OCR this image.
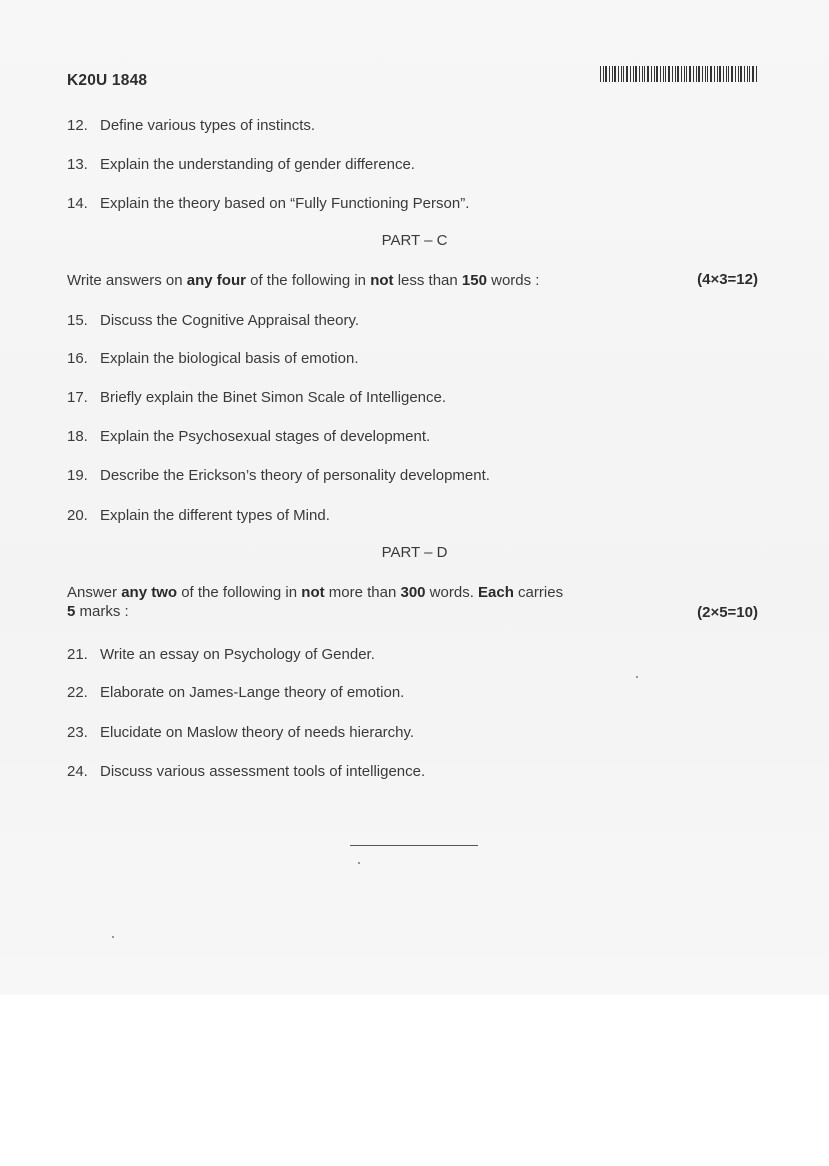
K20U 1848
12. Define various types of instincts.
13. Explain the understanding of gender difference.
14. Explain the theory based on “Fully Functioning Person”.
PART – C
Write answers on any four of the following in not less than 150 words :	(4×3=12)
15. Discuss the Cognitive Appraisal theory.
16. Explain the biological basis of emotion.
17. Briefly explain the Binet Simon Scale of Intelligence.
18. Explain the Psychosexual stages of development.
19. Describe the Erickson’s theory of personality development.
20. Explain the different types of Mind.
PART – D
Answer any two of the following in not more than 300 words. Each carries
5 marks :	(2×5=10)
21. Write an essay on Psychology of Gender.
22. Elaborate on James-Lange theory of emotion.
23. Elucidate on Maslow theory of needs hierarchy.
24. Discuss various assessment tools of intelligence.
